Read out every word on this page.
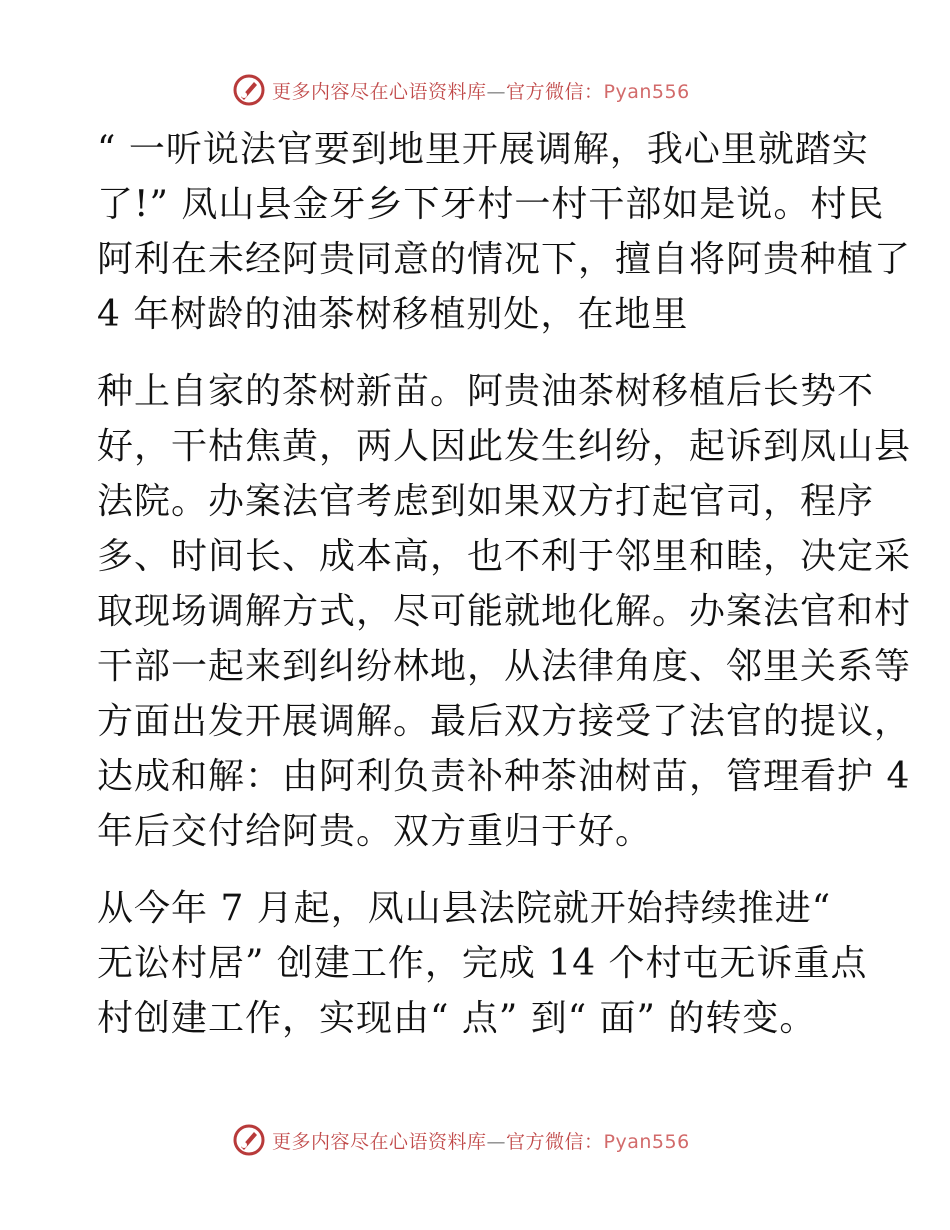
更多内容尽在心语资料库—官方微信：Pyan556
“ 一听说法官要到地里开展调解，我心里就踏实
了!” 凤山县金牙乡下牙村一村干部如是说。村民
阿利在未经阿贵同意的情况下，擅自将阿贵种植了
4 年树龄的油茶树移植别处，在地里
种上自家的茶树新苗。阿贵油茶树移植后长势不
好，干枯焦黄，两人因此发生纠纷，起诉到凤山县
法院。办案法官考虑到如果双方打起官司，程序
多、时间长、成本高，也不利于邻里和睦，决定采
取现场调解方式，尽可能就地化解。办案法官和村
干部一起来到纠纷林地，从法律角度、邻里关系等
方面出发开展调解。最后双方接受了法官的提议，
达成和解：由阿利负责补种茶油树苗，管理看护 4
年后交付给阿贵。双方重归于好。
从今年 7 月起，凤山县法院就开始持续推进“
无讼村居” 创建工作，完成 14 个村屯无诉重点
村创建工作，实现由“ 点” 到“ 面” 的转变。
更多内容尽在心语资料库—官方微信：Pyan556
